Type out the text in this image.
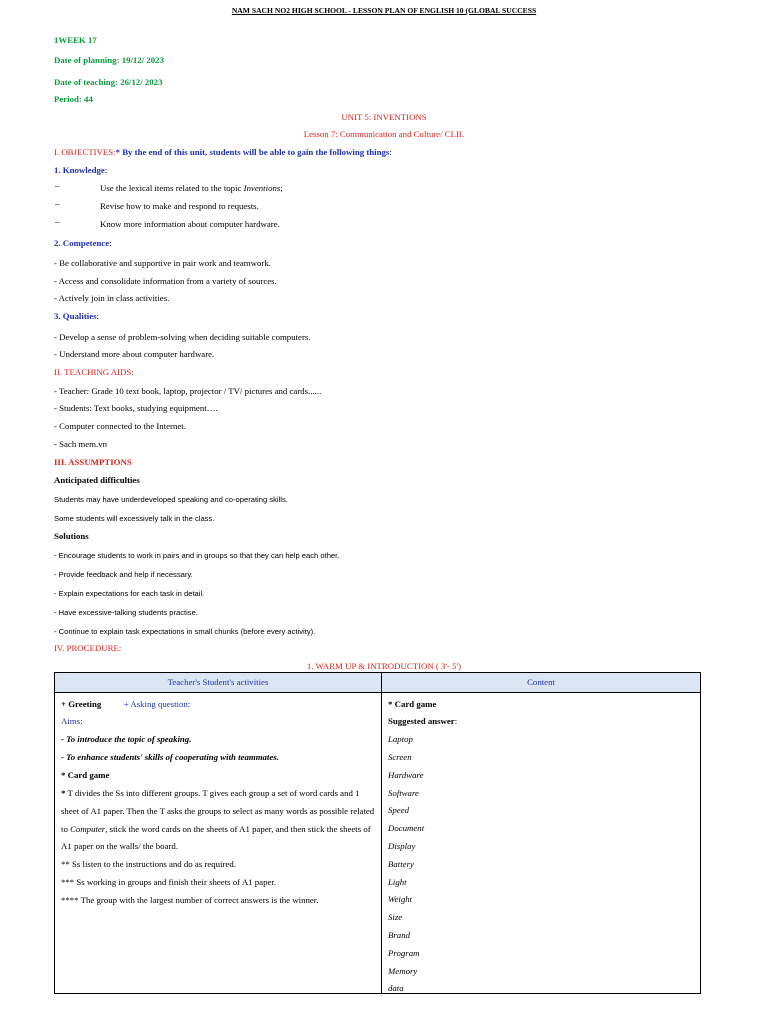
NAM SACH NO2 HIGH SCHOOL - LESSON PLAN OF ENGLISH 10 (GLOBAL SUCCESS
1WEEK 17
Date of planning: 19/12/ 2023
Date of teaching: 26/12/ 2023
Period: 44
UNIT 5: INVENTIONS
Lesson 7: Communication and Culture/ CLIL
I. OBJECTIVES:* By the end of this unit, students will be able to gain the following things:
1. Knowledge:
–	Use the lexical items related to the topic Inventions;
–	Revise how to make and respond to requests.
–	Know more information about computer hardware.
2. Competence:
- Be collaborative and supportive in pair work and teamwork.
- Access and consolidate information from a variety of sources.
- Actively join in class activities.
3. Qualities:
- Develop a sense of problem-solving when deciding suitable computers.
- Understand more about computer hardware.
II. TEACHING AIDS:
- Teacher: Grade 10 text book, laptop, projector / TV/ pictures and cards......
- Students: Text books, studying equipment….
- Computer connected to the Internet.
- Sach mem.vn
III. ASSUMPTIONS
Anticipated difficulties
Students may have underdeveloped speaking and co-operating skills.
Some students will excessively talk in the class.
Solutions
- Encourage students to work in pairs and in groups so that they can help each other.
- Provide feedback and help if necessary.
- Explain expectations for each task in detail.
- Have excessive-talking students practise.
- Continue to explain task expectations in small chunks (before every activity).
IV. PROCEDURE:
1. WARM UP & INTRODUCTION ( 3'- 5')
Teacher's Student's activities	Content
+ Greeting	+ Asking question:
Aims:
- To introduce the topic of speaking.
- To enhance students' skills of cooperating with teammates.
* Card game
* T divides the Ss into different groups. T gives each group a set of word cards and 1
sheet of A1 paper. Then the T asks the groups to select as many words as possible related
to Computer, stick the word cards on the sheets of A1 paper, and then stick the sheets of
A1 paper on the walls/ the board.
** Ss listen to the instructions and do as required.
*** Ss working in groups and finish their sheets of A1 paper.
**** The group with the largest number of correct answers is the winner.
* Card game
Suggested answer:
Laptop
Screen
Hardware
Software
Speed
Document
Display
Battery
Light
Weight
Size
Brand
Program
Memory
data
